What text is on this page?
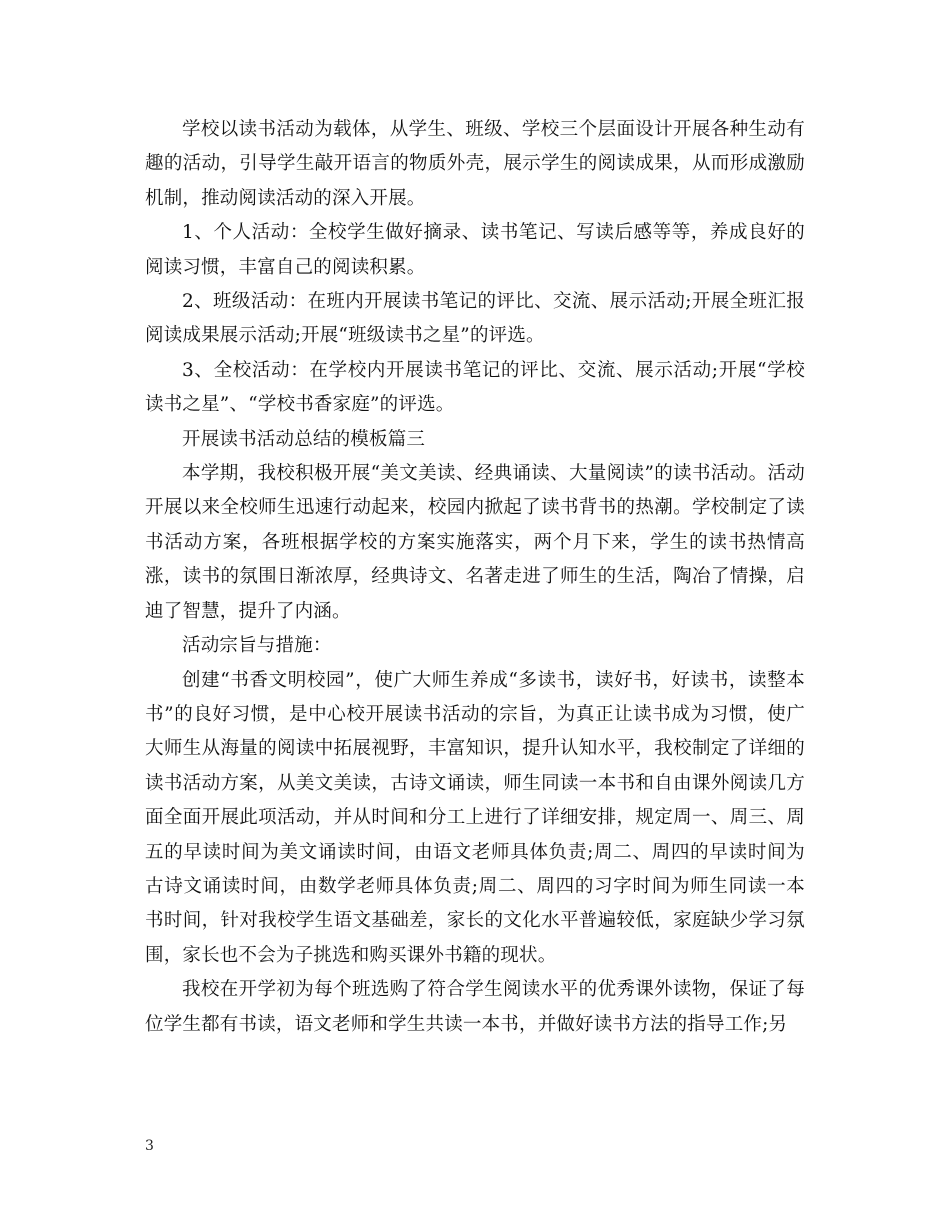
学校以读书活动为载体，从学生、班级、学校三个层面设计开展各种生动有趣的活动，引导学生敲开语言的物质外壳，展示学生的阅读成果，从而形成激励机制，推动阅读活动的深入开展。

1、个人活动：全校学生做好摘录、读书笔记、写读后感等等，养成良好的阅读习惯，丰富自己的阅读积累。

2、班级活动：在班内开展读书笔记的评比、交流、展示活动;开展全班汇报阅读成果展示活动;开展“班级读书之星”的评选。

3、全校活动：在学校内开展读书笔记的评比、交流、展示活动;开展“学校读书之星”、“学校书香家庭”的评选。

开展读书活动总结的模板篇三

本学期，我校积极开展“美文美读、经典诵读、大量阅读”的读书活动。活动开展以来全校师生迅速行动起来，校园内掀起了读书背书的热潮。学校制定了读书活动方案，各班根据学校的方案实施落实，两个月下来，学生的读书热情高涨，读书的氛围日渐浓厚，经典诗文、名著走进了师生的生活，陶冶了情操，启迪了智慧，提升了内涵。

活动宗旨与措施：

创建“书香文明校园”，使广大师生养成“多读书，读好书，好读书，读整本书”的良好习惯，是中心校开展读书活动的宗旨，为真正让读书成为习惯，使广大师生从海量的阅读中拓展视野，丰富知识，提升认知水平，我校制定了详细的读书活动方案，从美文美读，古诗文诵读，师生同读一本书和自由课外阅读几方面全面开展此项活动，并从时间和分工上进行了详细安排，规定周一、周三、周五的早读时间为美文诵读时间，由语文老师具体负责;周二、周四的早读时间为古诗文诵读时间，由数学老师具体负责;周二、周四的习字时间为师生同读一本书时间，针对我校学生语文基础差，家长的文化水平普遍较低，家庭缺少学习氛围，家长也不会为子挑选和购买课外书籍的现状。

我校在开学初为每个班选购了符合学生阅读水平的优秀课外读物，保证了每位学生都有书读，语文老师和学生共读一本书，并做好读书方法的指导工作;另

3
